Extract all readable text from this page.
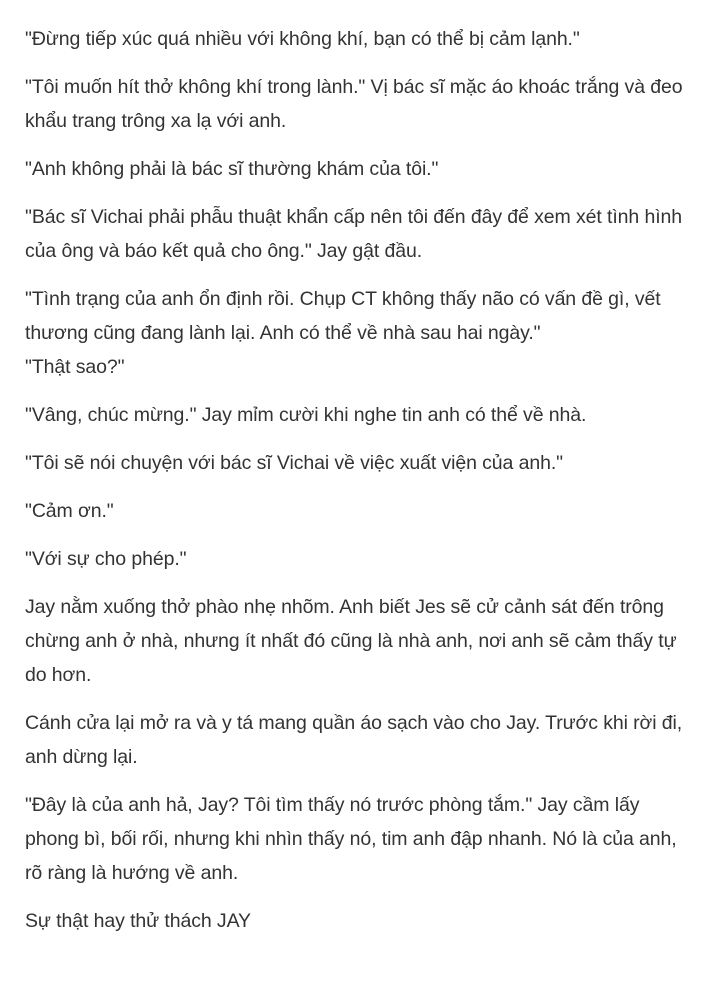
"Đừng tiếp xúc quá nhiều với không khí, bạn có thể bị cảm lạnh."

"Tôi muốn hít thở không khí trong lành." Vị bác sĩ mặc áo khoác trắng và đeo khẩu trang trông xa lạ với anh.

"Anh không phải là bác sĩ thường khám của tôi."

"Bác sĩ Vichai phải phẫu thuật khẩn cấp nên tôi đến đây để xem xét tình hình của ông và báo kết quả cho ông." Jay gật đầu.

"Tình trạng của anh ổn định rồi. Chụp CT không thấy não có vấn đề gì, vết thương cũng đang lành lại. Anh có thể về nhà sau hai ngày."

"Thật sao?"

"Vâng, chúc mừng." Jay mỉm cười khi nghe tin anh có thể về nhà.

"Tôi sẽ nói chuyện với bác sĩ Vichai về việc xuất viện của anh."

"Cảm ơn."

"Với sự cho phép."

Jay nằm xuống thở phào nhẹ nhõm. Anh biết Jes sẽ cử cảnh sát đến trông chừng anh ở nhà, nhưng ít nhất đó cũng là nhà anh, nơi anh sẽ cảm thấy tự do hơn.

Cánh cửa lại mở ra và y tá mang quần áo sạch vào cho Jay. Trước khi rời đi, anh dừng lại.

"Đây là của anh hả, Jay? Tôi tìm thấy nó trước phòng tắm." Jay cầm lấy phong bì, bối rối, nhưng khi nhìn thấy nó, tim anh đập nhanh. Nó là của anh, rõ ràng là hướng về anh.

Sự thật hay thử thách JAY
